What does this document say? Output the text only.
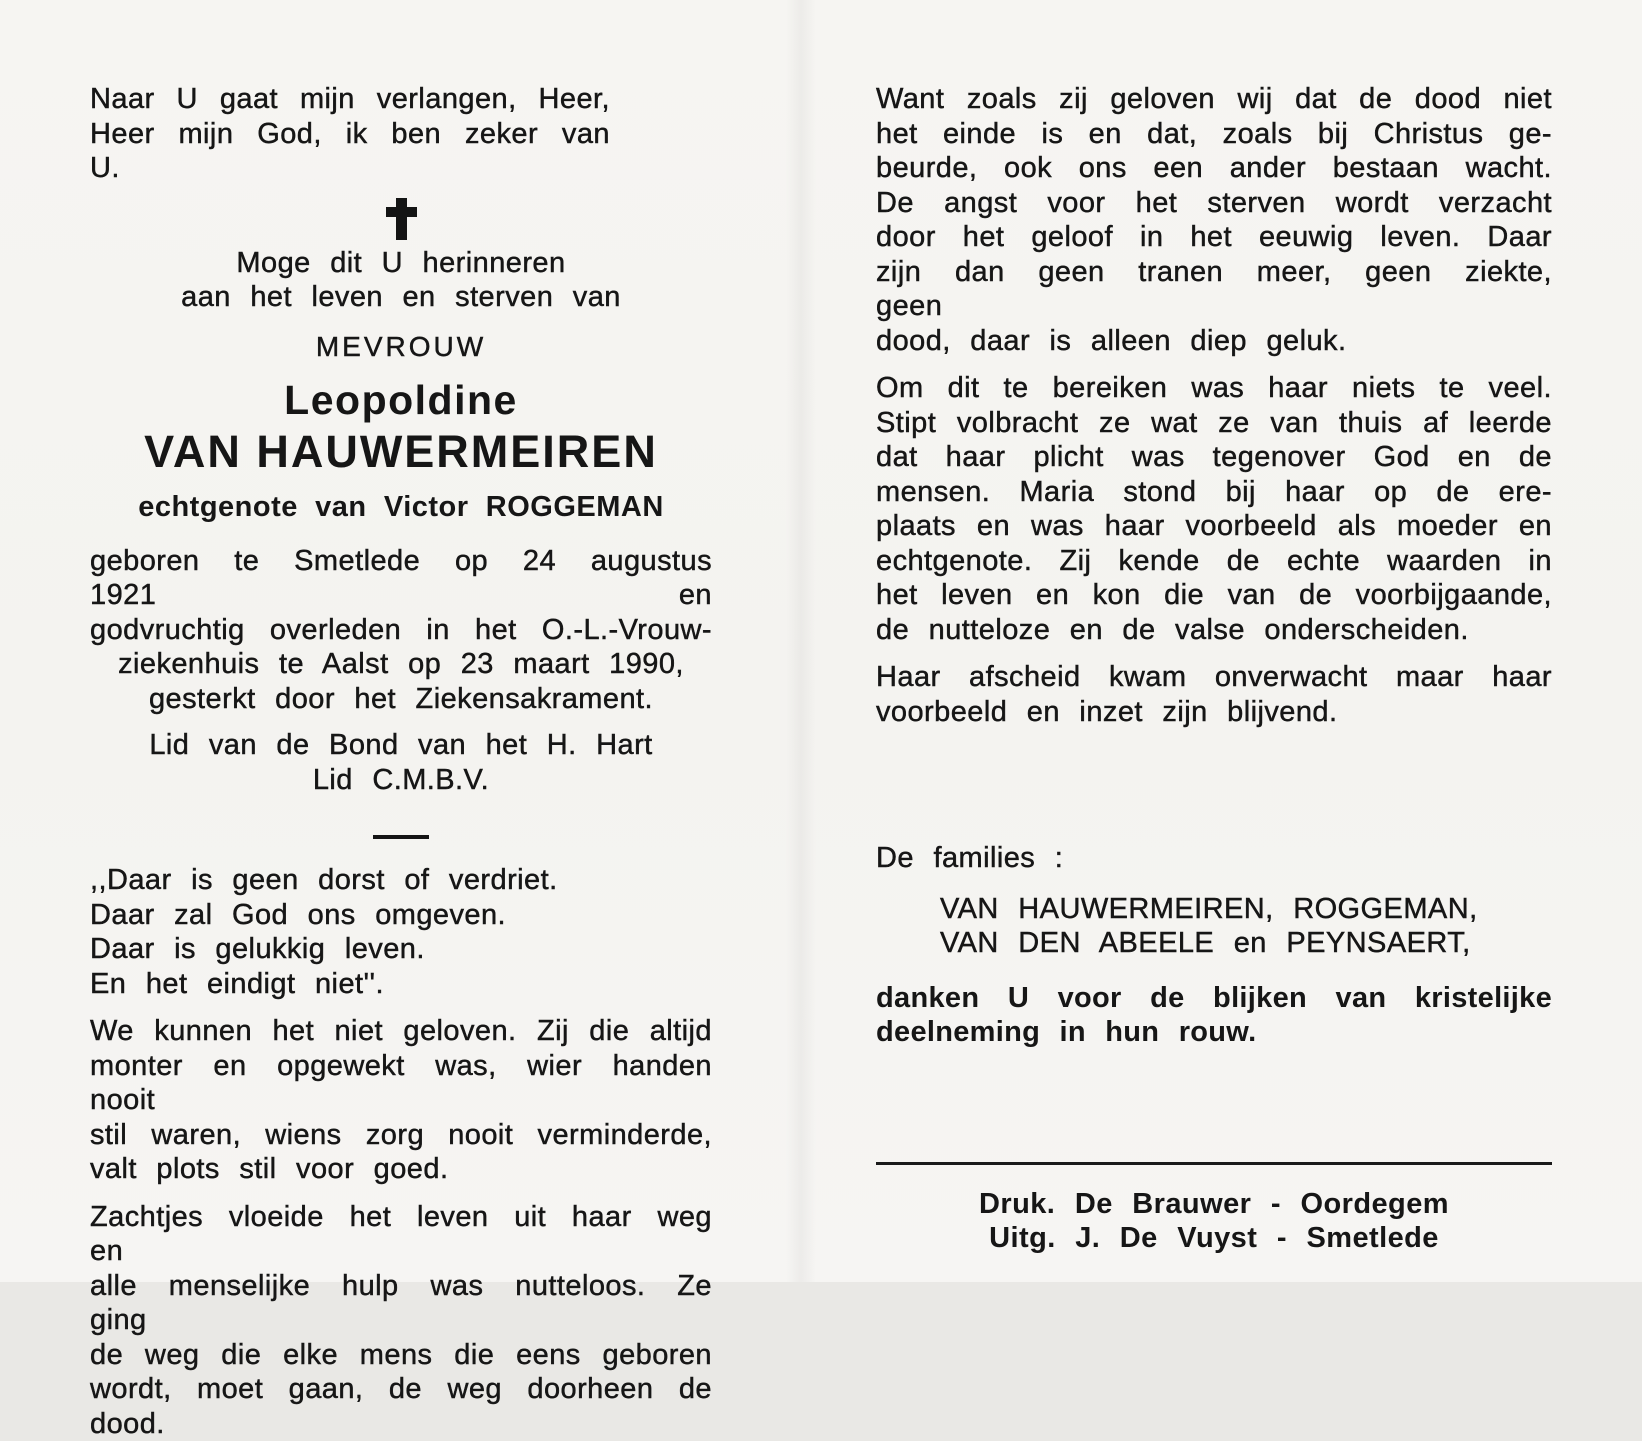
Naar U gaat mijn verlangen, Heer,
Heer mijn God, ik ben zeker van U.
Moge dit U herinneren
aan het leven en sterven van
MEVROUW
Leopoldine
VAN HAUWERMEIREN
echtgenote van Victor ROGGEMAN
geboren te Smetlede op 24 augustus 1921 en
godvruchtig overleden in het O.-L.-Vrouw-
ziekenhuis te Aalst op 23 maart 1990,
gesterkt door het Ziekensakrament.
Lid van de Bond van het H. Hart
Lid C.M.B.V.
,,Daar is geen dorst of verdriet.
Daar zal God ons omgeven.
Daar is gelukkig leven.
En het eindigt niet''.
We kunnen het niet geloven. Zij die altijd
monter en opgewekt was, wier handen nooit
stil waren, wiens zorg nooit verminderde,
valt plots stil voor goed.
Zachtjes vloeide het leven uit haar weg en
alle menselijke hulp was nutteloos. Ze ging
de weg die elke mens die eens geboren
wordt, moet gaan, de weg doorheen de dood.
Want zoals zij geloven wij dat de dood niet
het einde is en dat, zoals bij Christus ge-
beurde, ook ons een ander bestaan wacht.
De angst voor het sterven wordt verzacht
door het geloof in het eeuwig leven. Daar
zijn dan geen tranen meer, geen ziekte, geen
dood, daar is alleen diep geluk.
Om dit te bereiken was haar niets te veel.
Stipt volbracht ze wat ze van thuis af leerde
dat haar plicht was tegenover God en de
mensen. Maria stond bij haar op de ere-
plaats en was haar voorbeeld als moeder en
echtgenote. Zij kende de echte waarden in
het leven en kon die van de voorbijgaande,
de nutteloze en de valse onderscheiden.
Haar afscheid kwam onverwacht maar haar
voorbeeld en inzet zijn blijvend.
De families :
VAN HAUWERMEIREN, ROGGEMAN,
VAN DEN ABEELE en PEYNSAERT,
danken U voor de blijken van kristelijke
deelneming in hun rouw.
Druk. De Brauwer - Oordegem
Uitg. J. De Vuyst - Smetlede
